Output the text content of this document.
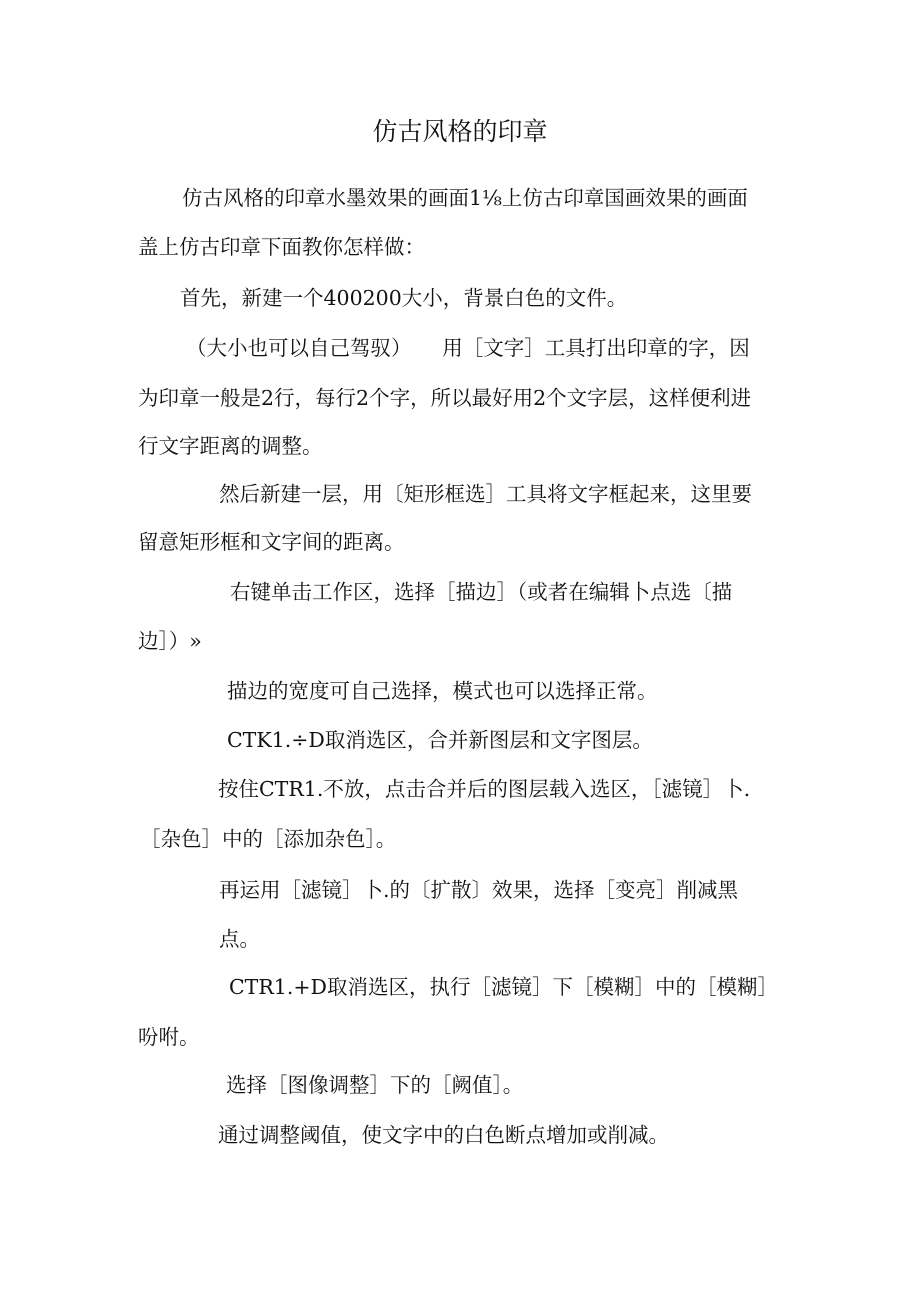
仿古风格的印章
仿古风格的印章水墨效果的画面1⅛上仿古印章国画效果的画面
盖上仿古印章下面教你怎样做：
首先，新建一个400200大小，背景白色的文件。
（大小也可以自己驾驭）　　用［文字］工具打出印章的字，因
为印章一般是2行，每行2个字，所以最好用2个文字层，这样便利进
行文字距离的调整。
然后新建一层，用〔矩形框选］工具将文字框起来，这里要
留意矩形框和文字间的距离。
右键单击工作区，选择［描边］（或者在编辑卜点选〔描
边］）»
描边的宽度可自己选择，模式也可以选择正常。
CTK1.÷D取消选区，合并新图层和文字图层。
按住CTR1.不放，点击合并后的图层载入选区，［滤镜］卜.
［杂色］中的［添加杂色］。
再运用［滤镜］卜.的〔扩散〕效果，选择［变亮］削减黑
点。
CTR1.+D取消选区，执行［滤镜］下［模糊］中的［模糊］
吩咐。
选择［图像调整］下的［阙值］。
通过调整阈值，使文字中的白色断点增加或削减。
